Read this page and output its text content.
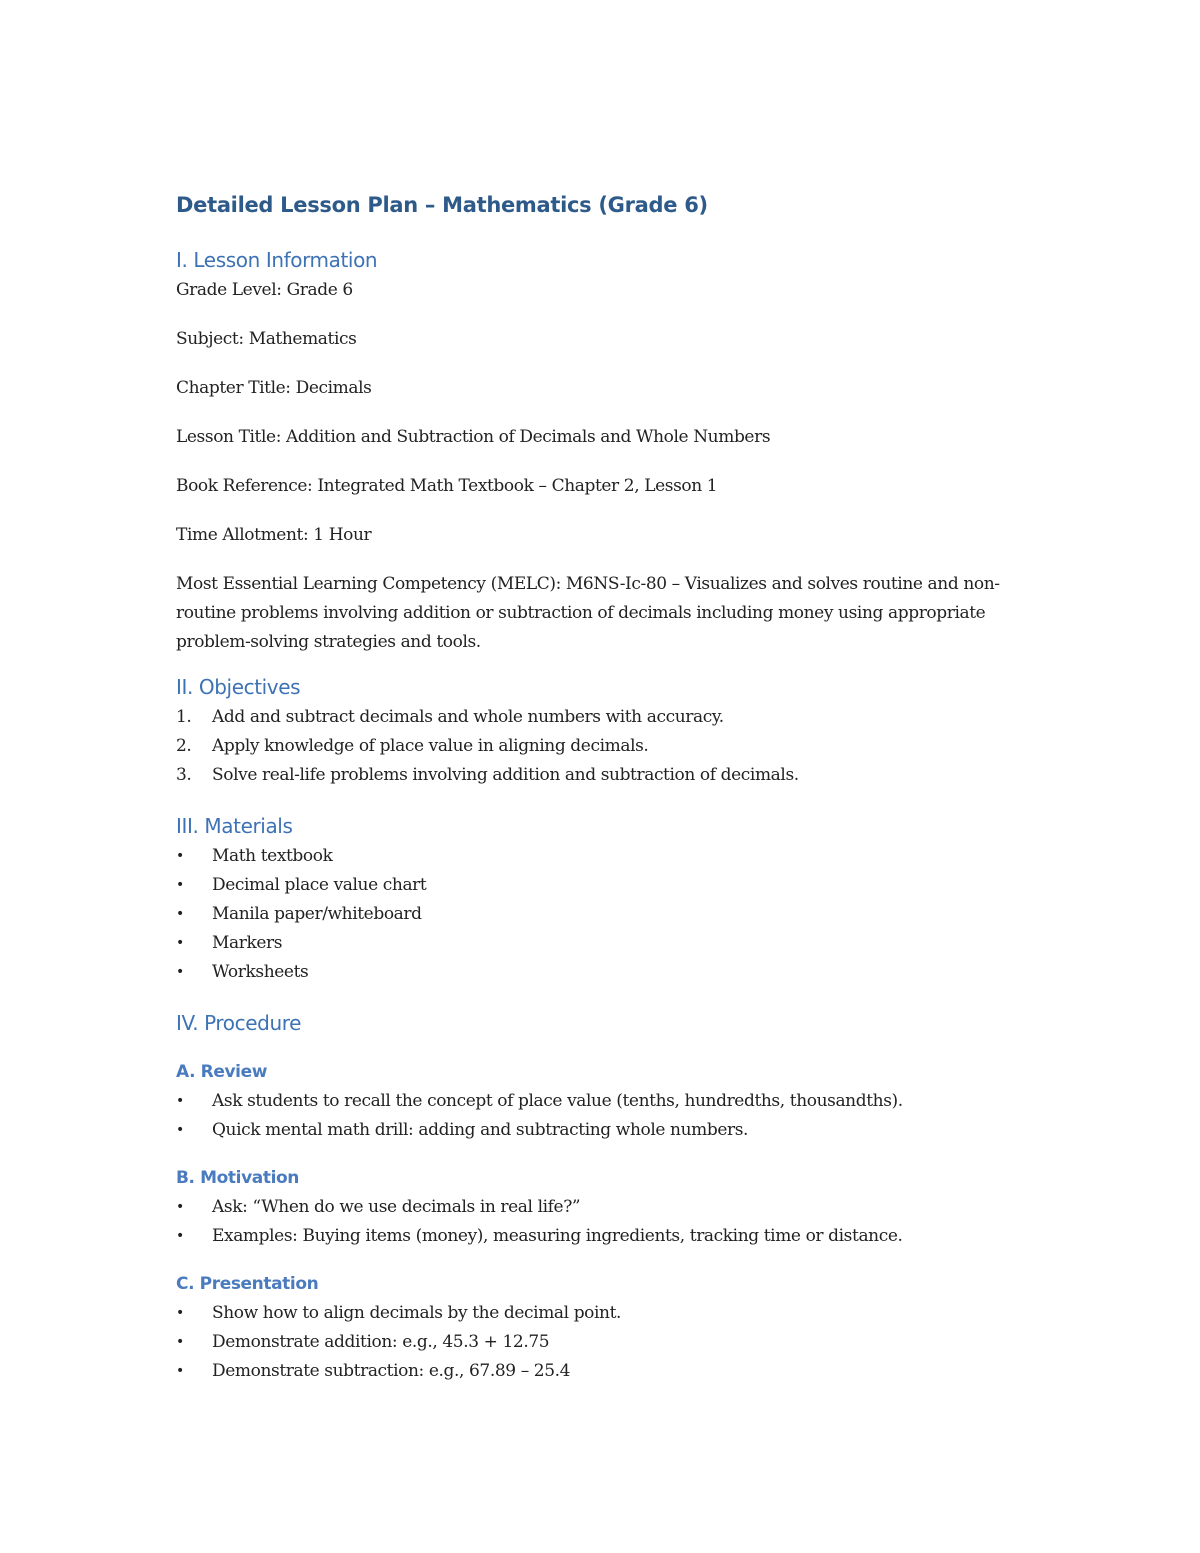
Detailed Lesson Plan – Mathematics (Grade 6)
I. Lesson Information
Grade Level: Grade 6
Subject: Mathematics
Chapter Title: Decimals
Lesson Title: Addition and Subtraction of Decimals and Whole Numbers
Book Reference: Integrated Math Textbook – Chapter 2, Lesson 1
Time Allotment: 1 Hour
Most Essential Learning Competency (MELC): M6NS-Ic-80 – Visualizes and solves routine and non-routine problems involving addition or subtraction of decimals including money using appropriate problem-solving strategies and tools.
II. Objectives
1.	Add and subtract decimals and whole numbers with accuracy.
2.	Apply knowledge of place value in aligning decimals.
3.	Solve real-life problems involving addition and subtraction of decimals.
III. Materials
•	Math textbook
•	Decimal place value chart
•	Manila paper/whiteboard
•	Markers
•	Worksheets
IV. Procedure
A. Review
•	Ask students to recall the concept of place value (tenths, hundredths, thousandths).
•	Quick mental math drill: adding and subtracting whole numbers.
B. Motivation
•	Ask: “When do we use decimals in real life?”
•	Examples: Buying items (money), measuring ingredients, tracking time or distance.
C. Presentation
•	Show how to align decimals by the decimal point.
•	Demonstrate addition: e.g., 45.3 + 12.75
•	Demonstrate subtraction: e.g., 67.89 – 25.4
